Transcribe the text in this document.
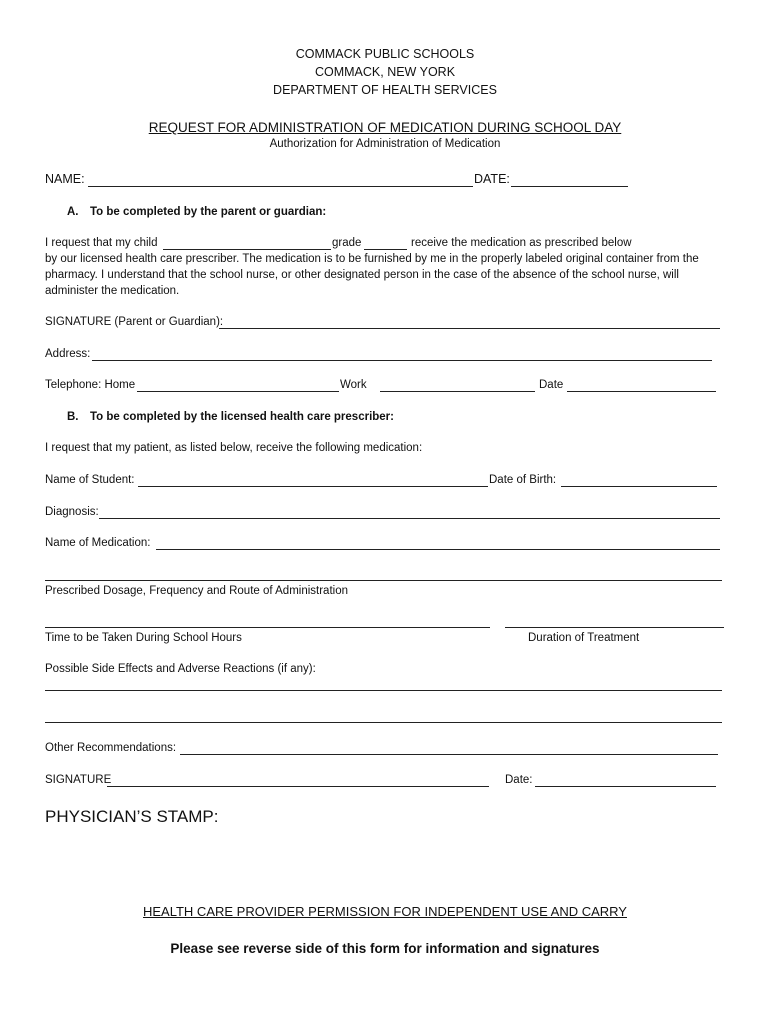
COMMACK PUBLIC SCHOOLS
COMMACK, NEW YORK
DEPARTMENT OF HEALTH SERVICES
REQUEST FOR ADMINISTRATION OF MEDICATION DURING SCHOOL DAY
Authorization for Administration of Medication
NAME:	DATE:
A. To be completed by the parent or guardian:
I request that my child	grade	receive the medication as prescribed below
by our licensed health care prescriber. The medication is to be furnished by me in the properly labeled original container from the
pharmacy. I understand that the school nurse, or other designated person in the case of the absence of the school nurse, will
administer the medication.
SIGNATURE (Parent or Guardian):
Address:
Telephone: Home	Work	Date
B. To be completed by the licensed health care prescriber:
I request that my patient, as listed below, receive the following medication:
Name of Student:	Date of Birth:
Diagnosis:
Name of Medication:
Prescribed Dosage, Frequency and Route of Administration
Time to be Taken During School Hours	Duration of Treatment
Possible Side Effects and Adverse Reactions (if any):
Other Recommendations:
SIGNATURE	Date:
PHYSICIAN’S STAMP:
HEALTH CARE PROVIDER PERMISSION FOR INDEPENDENT USE AND CARRY
Please see reverse side of this form for information and signatures
